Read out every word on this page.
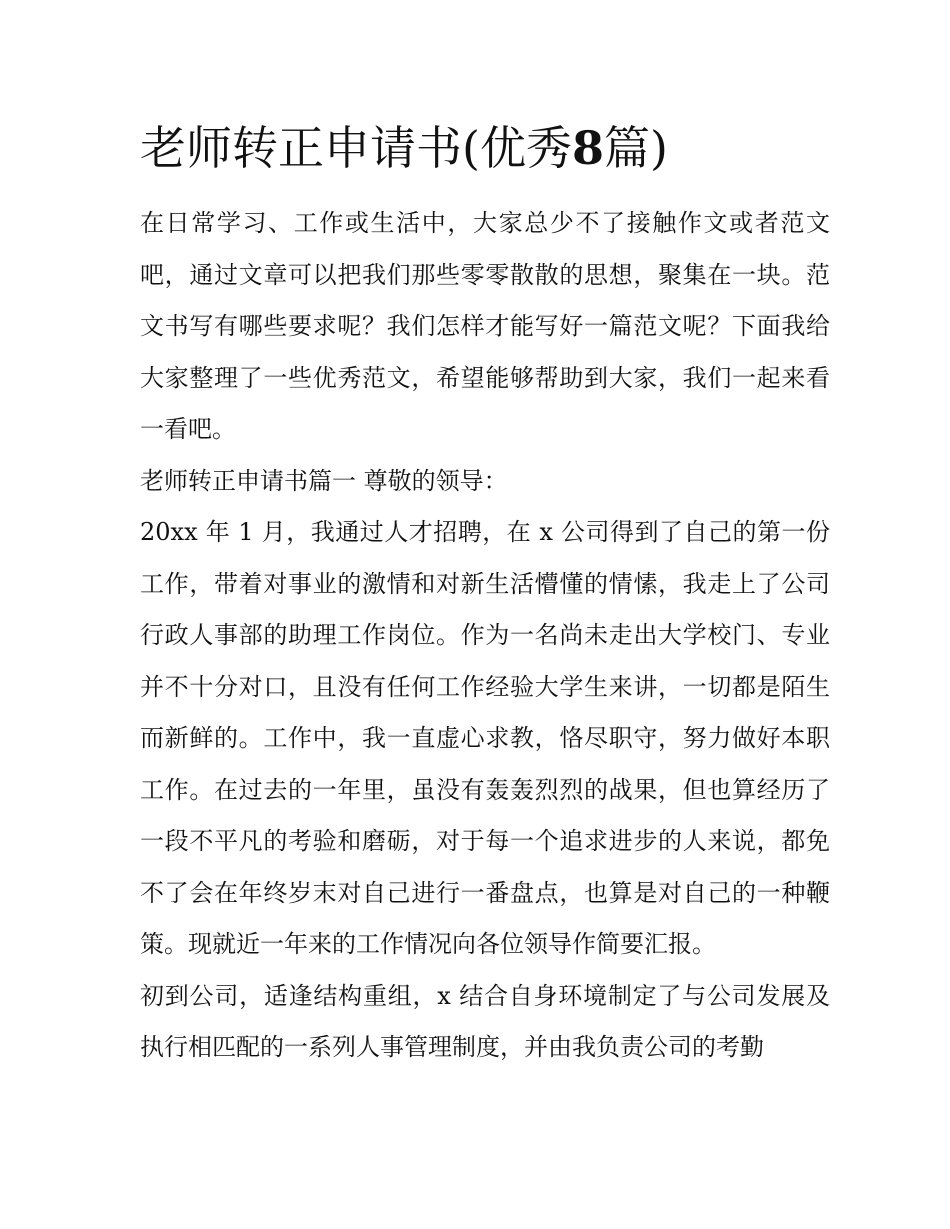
老师转正申请书(优秀8篇)

在日常学习、工作或生活中，大家总少不了接触作文或者范文吧，通过文章可以把我们那些零零散散的思想，聚集在一块。范文书写有哪些要求呢？我们怎样才能写好一篇范文呢？下面我给大家整理了一些优秀范文，希望能够帮助到大家，我们一起来看一看吧。

老师转正申请书篇一 尊敬的领导：

20xx 年 1 月，我通过人才招聘，在 x 公司得到了自己的第一份工作，带着对事业的激情和对新生活懵懂的情愫，我走上了公司行政人事部的助理工作岗位。作为一名尚未走出大学校门、专业并不十分对口，且没有任何工作经验大学生来讲，一切都是陌生而新鲜的。工作中，我一直虚心求教，恪尽职守，努力做好本职工作。在过去的一年里，虽没有轰轰烈烈的战果，但也算经历了一段不平凡的考验和磨砺，对于每一个追求进步的人来说，都免不了会在年终岁末对自己进行一番盘点，也算是对自己的一种鞭策。现就近一年来的工作情况向各位领导作简要汇报。

初到公司，适逢结构重组，x 结合自身环境制定了与公司发展及执行相匹配的一系列人事管理制度，并由我负责公司的考勤
